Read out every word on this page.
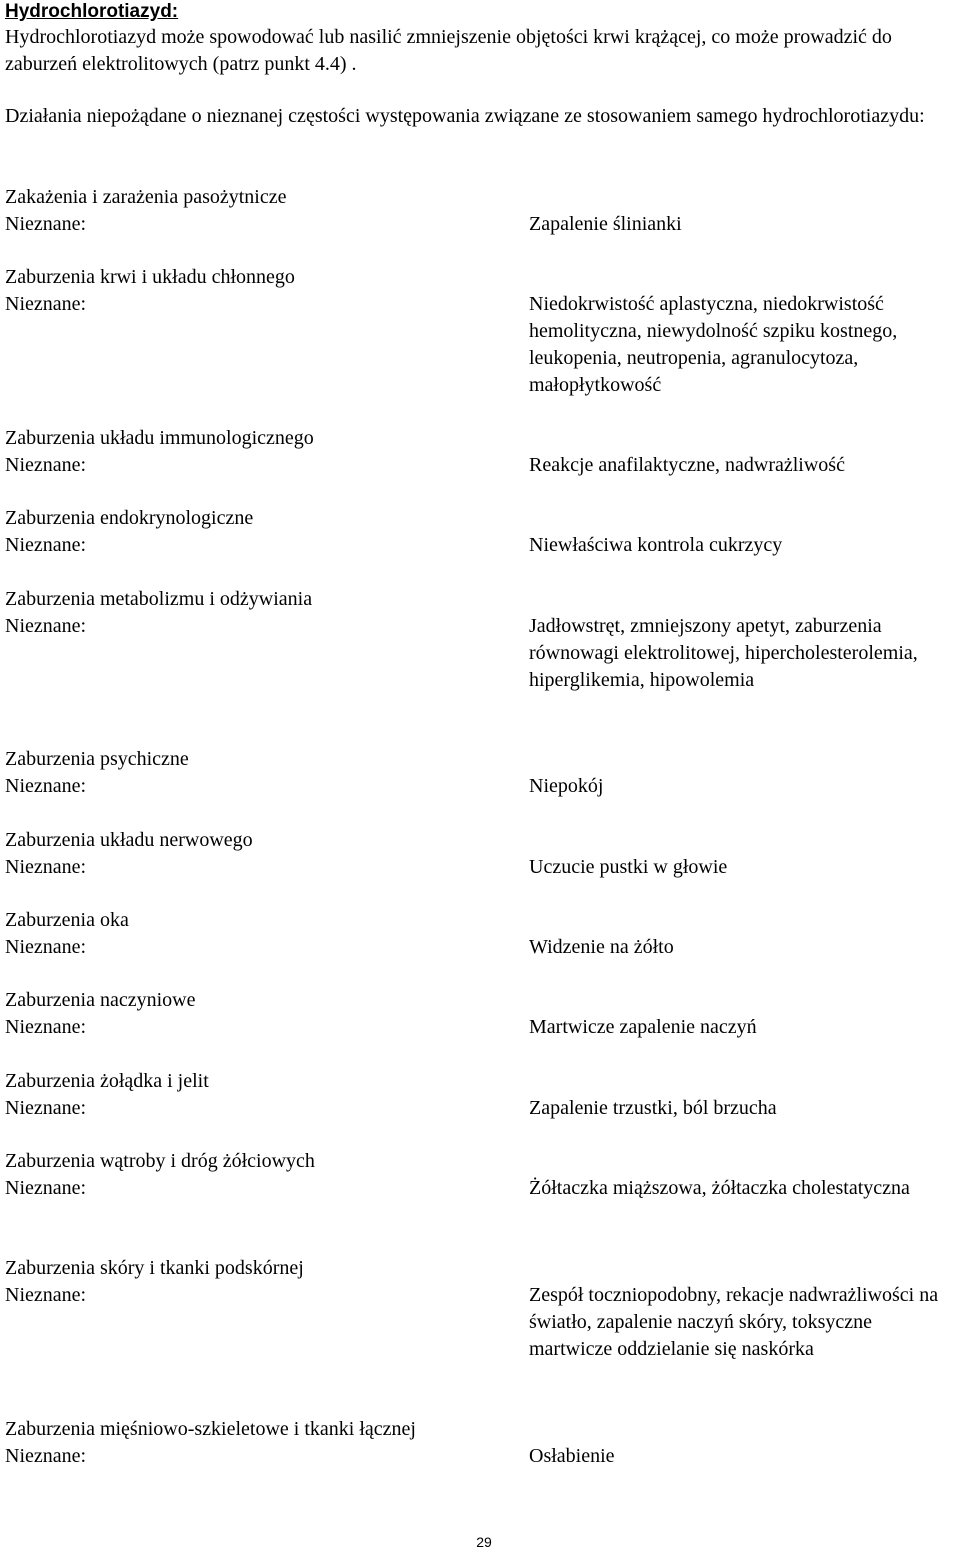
Hydrochlorotiazyd:
Hydrochlorotiazyd może spowodować lub nasilić zmniejszenie objętości krwi krążącej, co może prowadzić do zaburzeń elektrolitowych (patrz punkt 4.4) .
Działania niepożądane o nieznanej częstości występowania związane ze stosowaniem samego hydrochlorotiazydu:
Zakażenia i zarażenia pasożytnicze
Nieznane:	Zapalenie ślinianki
Zaburzenia krwi i układu chłonnego
Nieznane:	Niedokrwistość aplastyczna, niedokrwistość hemolityczna, niewydolność szpiku kostnego, leukopenia, neutropenia, agranulocytoza, małopłytkowość
Zaburzenia układu immunologicznego
Nieznane:	Reakcje anafilaktyczne, nadwrażliwość
Zaburzenia endokrynologiczne
Nieznane:	Niewłaściwa kontrola cukrzycy
Zaburzenia metabolizmu i odżywiania
Nieznane:	Jadłowstręt, zmniejszony apetyt, zaburzenia równowagi elektrolitowej, hipercholesterolemia, hiperglikemia, hipowolemia
Zaburzenia psychiczne
Nieznane:	Niepokój
Zaburzenia układu nerwowego
Nieznane:	Uczucie pustki w głowie
Zaburzenia oka
Nieznane:	Widzenie na żółto
Zaburzenia naczyniowe
Nieznane:	Martwicze zapalenie naczyń
Zaburzenia żołądka i jelit
Nieznane:	Zapalenie trzustki, ból brzucha
Zaburzenia wątroby i dróg żółciowych
Nieznane:	Żółtaczka miąższowa, żółtaczka cholestatyczna
Zaburzenia skóry i tkanki podskórnej
Nieznane:	Zespół toczniopodobny, rekacje nadwrażliwości na światło, zapalenie naczyń skóry, toksyczne martwicze oddzielanie się naskórka
Zaburzenia mięśniowo-szkieletowe i tkanki łącznej
Nieznane:	Osłabienie
29
